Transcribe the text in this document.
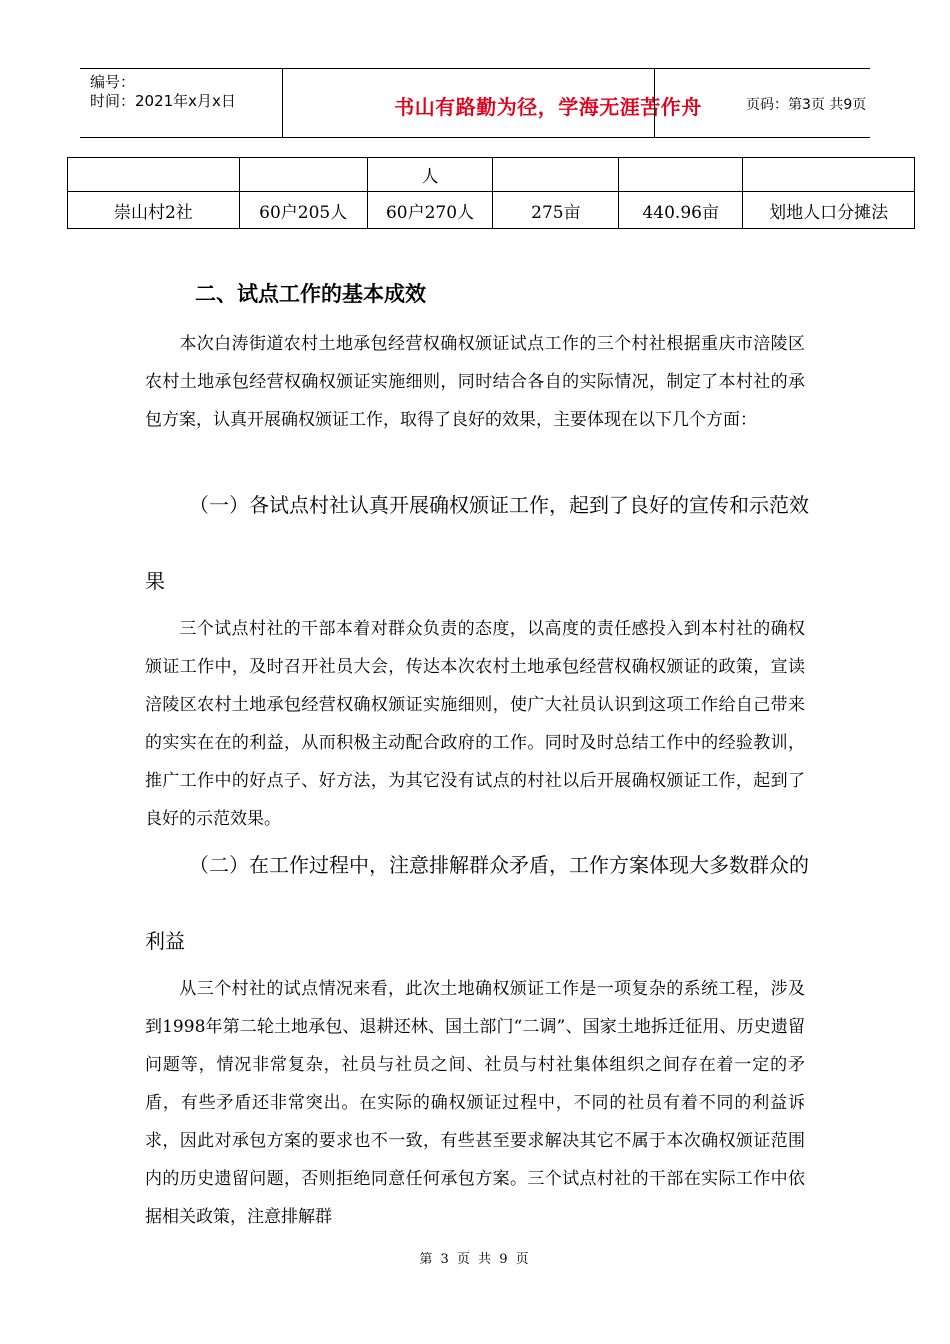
编号：
时间：2021年x月x日	书山有路勤为径，学海无涯苦作舟	页码：第3页 共9页
		人			
崇山村2社	60户205人	60户270人	275亩	440.96亩	划地人口分摊法
二、试点工作的基本成效

本次白涛街道农村土地承包经营权确权颁证试点工作的三个村社根据重庆市涪陵区农村土地承包经营权确权颁证实施细则，同时结合各自的实际情况，制定了本村社的承包方案，认真开展确权颁证工作，取得了良好的效果，主要体现在以下几个方面：

（一）各试点村社认真开展确权颁证工作，起到了良好的宣传和示范效果

三个试点村社的干部本着对群众负责的态度，以高度的责任感投入到本村社的确权颁证工作中，及时召开社员大会，传达本次农村土地承包经营权确权颁证的政策，宣读涪陵区农村土地承包经营权确权颁证实施细则，使广大社员认识到这项工作给自己带来的实实在在的利益，从而积极主动配合政府的工作。同时及时总结工作中的经验教训，推广工作中的好点子、好方法，为其它没有试点的村社以后开展确权颁证工作，起到了良好的示范效果。

（二）在工作过程中，注意排解群众矛盾，工作方案体现大多数群众的利益

从三个村社的试点情况来看，此次土地确权颁证工作是一项复杂的系统工程，涉及到1998年第二轮土地承包、退耕还林、国土部门“二调”、国家土地拆迁征用、历史遗留问题等，情况非常复杂，社员与社员之间、社员与村社集体组织之间存在着一定的矛盾，有些矛盾还非常突出。在实际的确权颁证过程中，不同的社员有着不同的利益诉求，因此对承包方案的要求也不一致，有些甚至要求解决其它不属于本次确权颁证范围内的历史遗留问题，否则拒绝同意任何承包方案。三个试点村社的干部在实际工作中依据相关政策，注意排解群

第 3 页 共 9 页
